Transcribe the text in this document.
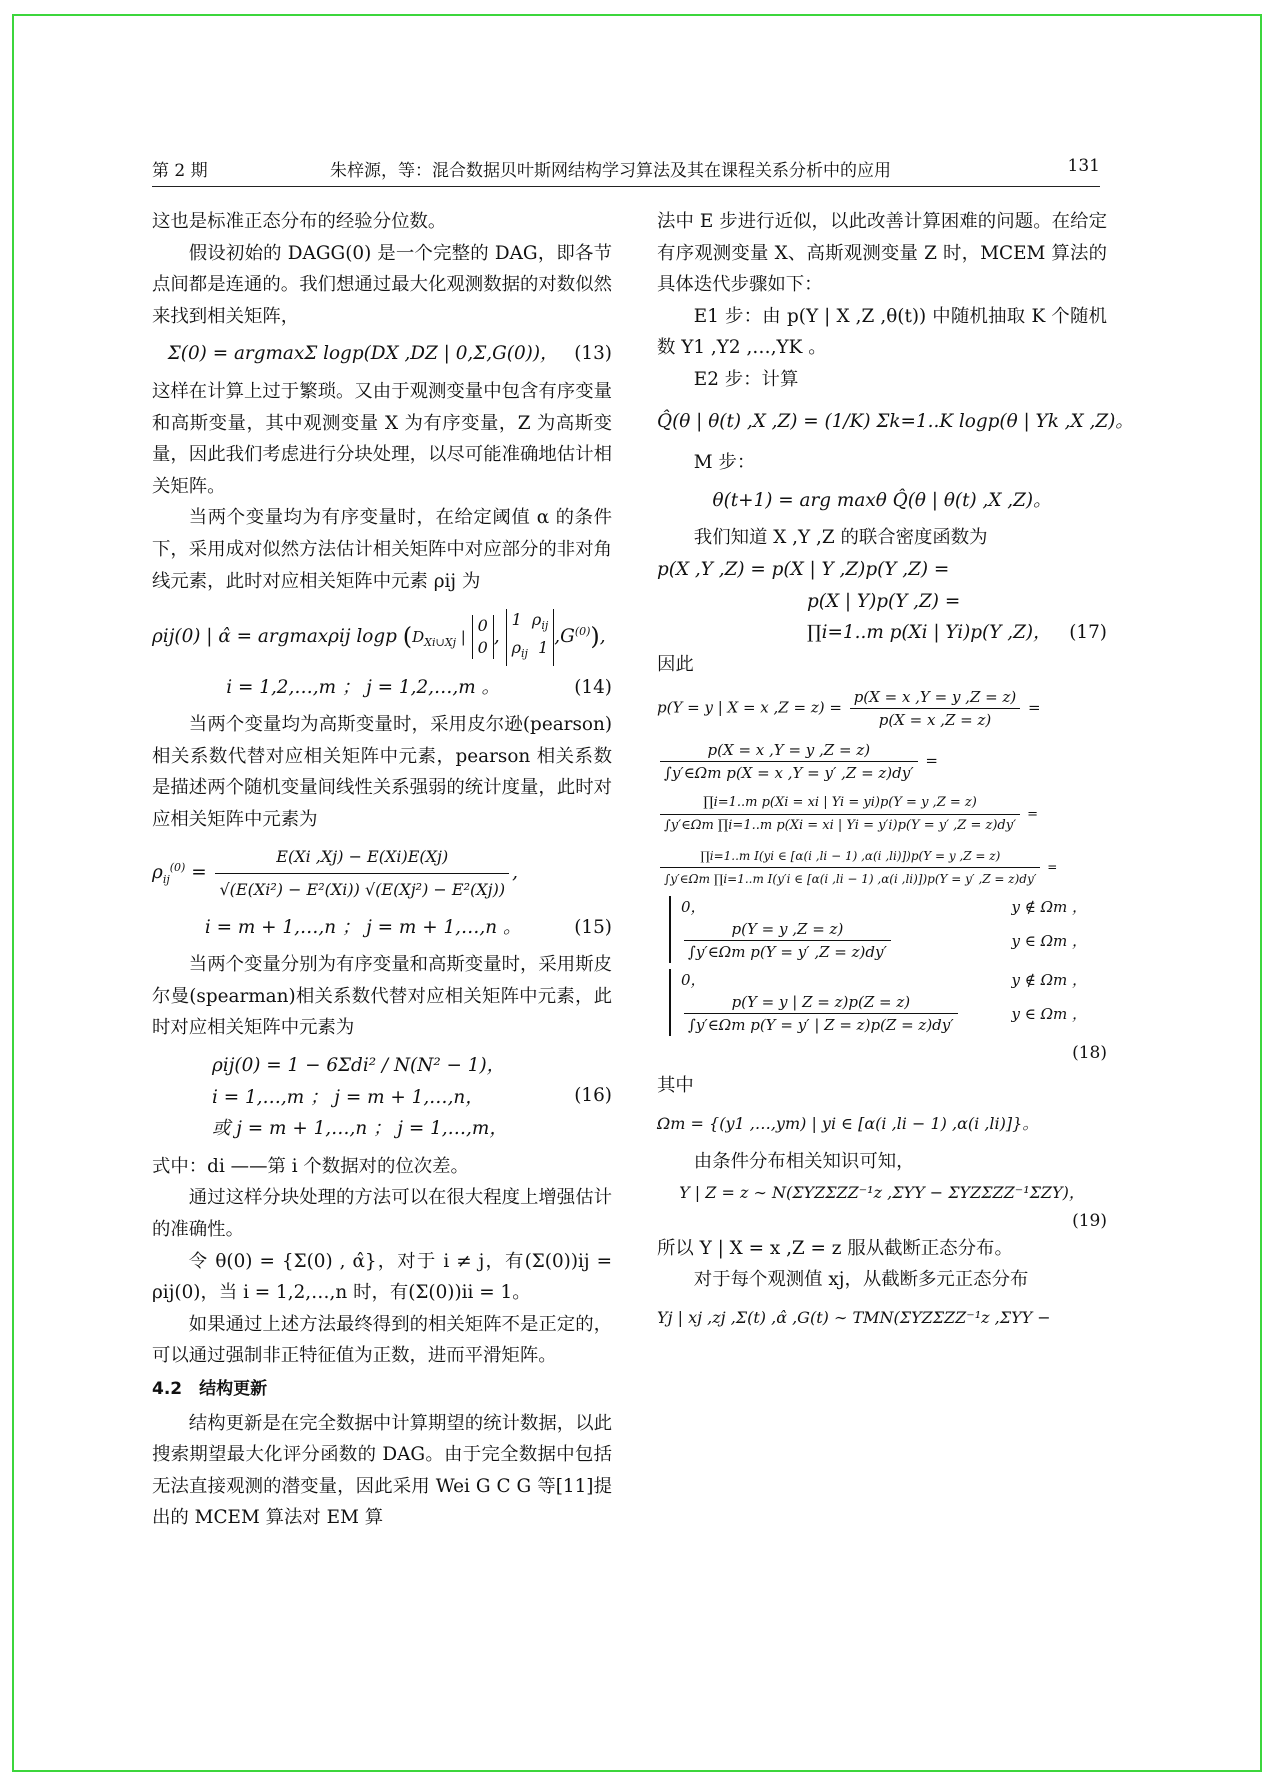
第 2 期	朱梓源，等：混合数据贝叶斯网结构学习算法及其在课程关系分析中的应用	131

这也是标准正态分布的经验分位数。

假设初始的 DAGG(0) 是一个完整的 DAG，即各节点间都是连通的。我们想通过最大化观测数据的对数似然来找到相关矩阵，

Σ(0) = argmaxΣ logp(DX ,DZ | 0,Σ,G(0))， (13)

这样在计算上过于繁琐。又由于观测变量中包含有序变量和高斯变量，其中观测变量 X 为有序变量，Z 为高斯变量，因此我们考虑进行分块处理，以尽可能准确地估计相关矩阵。

当两个变量均为有序变量时，在给定阈值 α 的条件下，采用成对似然方法估计相关矩阵中对应部分的非对角线元素，此时对应相关矩阵中元素 ρij 为

ρij(0) | α̂ = argmaxρij logp ($D_{Xi\cup Xj}$ | 0
0, 1  $\rho_{ij}$
$\rho_{ij}$  $1,G^{(0)}$),
i = 1,2,…,m ； j = 1,2,…,m 。	(14)

当两个变量均为高斯变量时，采用皮尔逊(pearson)相关系数代替对应相关矩阵中元素，pearson 相关系数是描述两个随机变量间线性关系强弱的统计度量，此时对应相关矩阵中元素为

$\rho_{ij}^{(0)} = \frac{E(Xi ,Xj) - E(Xi)E(Xj)}{\text{√(E(Xi²) − E²(Xi)) √(E(Xj²) − E²(Xj))}}$ ,
i = m + 1,…,n ； j = m + 1,…,n 。	(15)

当两个变量分别为有序变量和高斯变量时，采用斯皮尔曼(spearman)相关系数代替对应相关矩阵中元素，此时对应相关矩阵中元素为

(16)
ρij(0) = 1 − 6Σdi² / N(N² − 1)，
i = 1,…,m ； j = m + 1,…,n，
或 j = m + 1,…,n ； j = 1,…,m，

式中：di ——第 i 个数据对的位次差。

通过这样分块处理的方法可以在很大程度上增强估计的准确性。

令 θ(0) = {Σ(0) , α̂}，对于 i ≠ j，有(Σ(0))ij = ρij(0)，当 i = 1,2,…,n 时，有(Σ(0))ii = 1。

如果通过上述方法最终得到的相关矩阵不是正定的，可以通过强制非正特征值为正数，进而平滑矩阵。

4.2　结构更新

结构更新是在完全数据中计算期望的统计数据，以此搜索期望最大化评分函数的 DAG。由于完全数据中包括无法直接观测的潜变量，因此采用 Wei G C G 等[11]提出的 MCEM 算法对 EM 算

法中 E 步进行近似，以此改善计算困难的问题。在给定有序观测变量 X、高斯观测变量 Z 时，MCEM 算法的具体迭代步骤如下：

E1 步：由 p(Y | X ,Z ,θ(t)) 中随机抽取 K 个随机数 Y1 ,Y2 ,…,YK 。

E2 步：计算

Q̂(θ | θ(t) ,X ,Z) = (1/K) Σk=1..K logp(θ | Yk ,X ,Z)。

M 步：

θ(t+1) = arg maxθ Q̂(θ | θ(t) ,X ,Z)。

我们知道 X ,Y ,Z 的联合密度函数为

p(X ,Y ,Z) = p(X | Y ,Z)p(Y ,Z) =
p(X | Y)p(Y ,Z) =
∏i=1..m p(Xi | Yi)p(Y ,Z)， (17)

因此

p(Y = y | X = x $,Z = z) = \frac{p(X = x ,Y = y ,Z = z)}{p(X = x ,Z = z)}$ =
$\frac{p(X = x ,Y = y ,Z = z)}{\text{∫y′∈Ωm p(X = x ,Y = y′ ,Z = z)dy′}}$ =
$\frac{\text{∏i=1..m p(Xi = xi | Yi = yi)p(Y = y ,Z = z)}}{\text{∫y′∈Ωm ∏i=1..m p(Xi = xi | Yi = y′i)p(Y = y′ ,Z = z)dy′}}$ =
∏i=1..m I(yi ∈ [α(i ,li − 1) ,α(i ,li)])p(Y = y ,Z = z)
∫y′∈Ωm ∏i=1..m I(y′i ∈ [α(i ,li − 1) ,α(i ,li)])p(Y = y′ ,Z = z)dy′
=
0，	y ∉ Ωm ，
$\frac{p(Y = y ,Z = z)}{\text{∫y′∈Ωm p(Y = y′ ,Z = z)dy′}}$	y ∈ Ωm ，
0，	y ∉ Ωm ，
$\frac{p(Y = y | Z = z)p(Z = z)}{\text{∫y′∈Ωm p(Y = y′ | Z = z)p(Z = z)dy′}}$	y ∈ Ωm ，
(18)

其中

Ωm = {(y1 ,…,ym) | yi ∈ [α(i ,li − 1) ,α(i ,li)]}。

由条件分布相关知识可知，

Y | Z = z ∼ N(ΣYZΣZZ⁻¹z ,ΣYY − ΣYZΣZZ⁻¹ΣZY)，
(19)

所以 Y | X = x ,Z = z 服从截断正态分布。

对于每个观测值 xj，从截断多元正态分布

Yj | xj ,zj ,Σ(t) ,α̂ ,G(t) ∼ TMN(ΣYZΣZZ⁻¹z ,ΣYY −
